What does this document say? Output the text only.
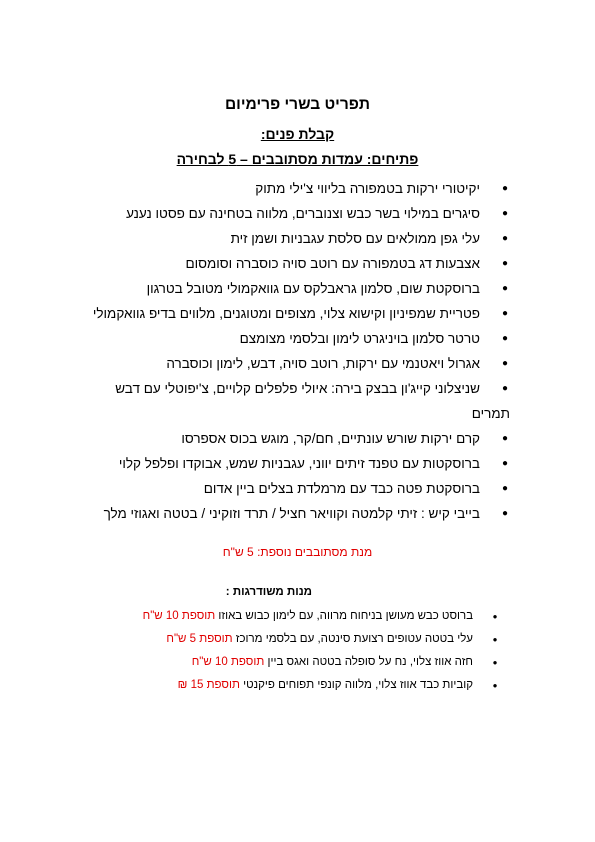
תפריט בשרי פרימיום
קבלת פנים:
פתיחים: עמדות מסתובבים – 5 לבחירה
●
יקיטורי ירקות בטמפורה בליווי צ'ילי מתוק
●
סיגרים במילוי בשר כבש וצנוברים, מלווה בטחינה עם פסטו נענע
●
עלי גפן ממולאים עם סלסת עגבניות ושמן זית
●
אצבעות דג בטמפורה עם רוטב סויה כוסברה וסומסום
●
ברוסקטת שום, סלמון גראבלקס עם גוואקמולי מטובל בטרגון
●
פטריית שמפיניון וקישוא צלוי, מצופים ומטוגנים, מלווים בדיפ גוואקמולי
●
טרטר סלמון בויניגרט לימון ובלסמי מצומצם
●
אגרול ויאטנמי עם ירקות, רוטב סויה, דבש, לימון וכוסברה
●
שניצלוני קייג'ון בבצק בירה: איולי פלפלים קלויים, צ'יפוטלי עם דבש
תמרים
●
קרם ירקות שורש עונתיים, חם/קר, מוגש בכוס אספרסו
●
ברוסקטות עם טפנד זיתים יווני, עגבניות שמש, אבוקדו ופלפל קלוי
●
ברוסקטת פטה כבד עם מרמלדת בצלים ביין אדום
●
בייבי קיש : זיתי קלמטה וקוויאר חציל / תרד וזוקיני / בטטה ואגוזי מלך
מנת מסתובבים נוספת: 5 ש"ח
מנות משודרגות :
●
ברוסט כבש מעושן בניחוח מרווה, עם לימון כבוש באוזו תוספת 10 ש"ח
●
עלי בטטה עטופים רצועת סינטה, עם בלסמי מרוכז תוספת 5 ש"ח
●
חזה אווז צלוי, נח על סופלה בטטה ואגס ביין תוספת 10 ש"ח
●
קוביות כבד אווז צלוי, מלווה קונפי תפוחים פיקנטי תוספת 15 ₪
